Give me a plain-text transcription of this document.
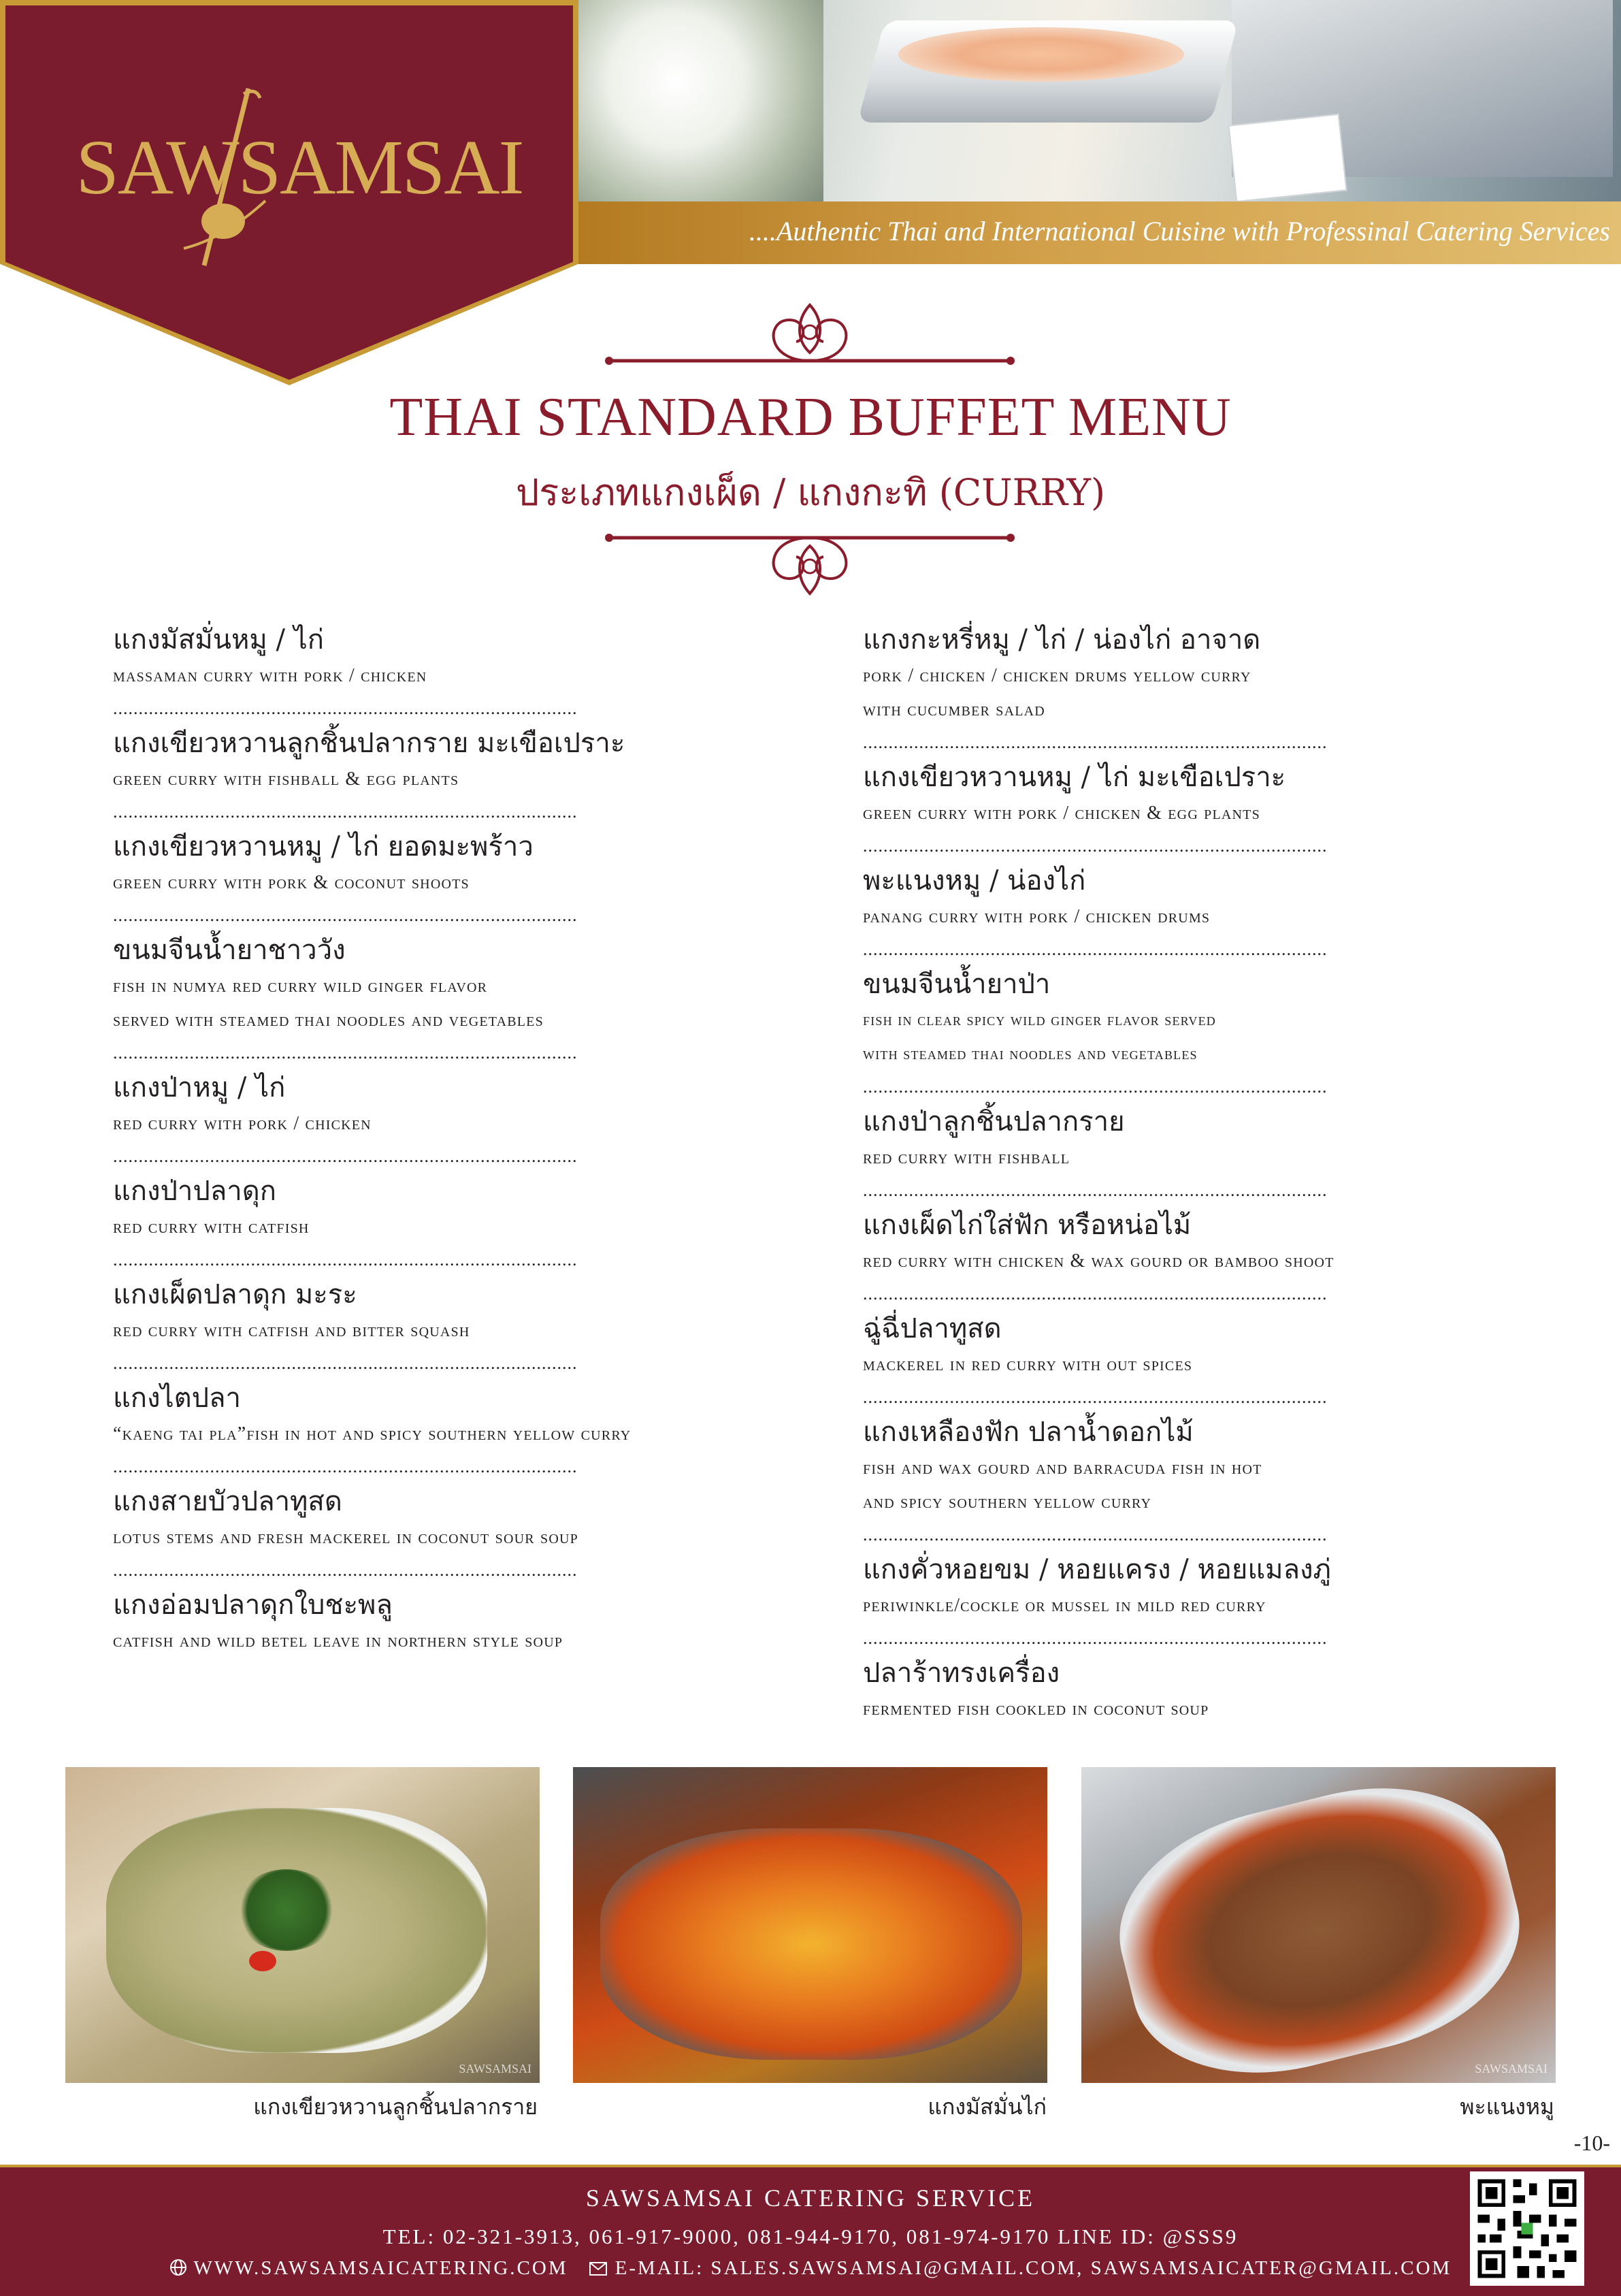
SAWSAMSAI
....Authentic Thai and International Cuisine with Professinal Catering Services
THAI STANDARD BUFFET MENU
ประเภทแกงเผ็ด / แกงกะทิ (CURRY)
แกงมัสมั่นหมู / ไก่
massaman curry with pork / chicken
...........................................................................................
แกงเขียวหวานลูกชิ้นปลากราย มะเขือเปราะ
green curry with fishball & egg plants
...........................................................................................
แกงเขียวหวานหมู / ไก่ ยอดมะพร้าว
green curry with pork & coconut shoots
...........................................................................................
ขนมจีนน้ำยาชาววัง
fish in numya red curry wild ginger flavor
served with steamed thai noodles and vegetables
...........................................................................................
แกงป่าหมู / ไก่
red curry with pork / chicken
...........................................................................................
แกงป่าปลาดุก
red curry with catfish
...........................................................................................
แกงเผ็ดปลาดุก มะระ
red curry with catfish and bitter squash
...........................................................................................
แกงไตปลา
“kaeng tai pla”fish in hot and spicy southern yellow curry
...........................................................................................
แกงสายบัวปลาทูสด
lotus stems and fresh mackerel in coconut sour soup
...........................................................................................
แกงอ่อมปลาดุกใบชะพลู
catfish and wild betel leave in northern style soup
แกงกะหรี่หมู / ไก่ / น่องไก่ อาจาด
pork / chicken / chicken drums yellow curry
with cucumber salad
...........................................................................................
แกงเขียวหวานหมู / ไก่ มะเขือเปราะ
green curry with pork / chicken & egg plants
...........................................................................................
พะแนงหมู / น่องไก่
panang curry with pork / chicken drums
...........................................................................................
ขนมจีนน้ำยาป่า
fish in clear spicy wild ginger flavor served
with steamed thai noodles and vegetables
...........................................................................................
แกงป่าลูกชิ้นปลากราย
red curry with fishball
...........................................................................................
แกงเผ็ดไก่ใส่ฟัก หรือหน่อไม้
red curry with chicken & wax gourd or bamboo shoot
...........................................................................................
ฉู่ฉี่ปลาทูสด
mackerel in red curry with out spices
...........................................................................................
แกงเหลืองฟัก ปลาน้ำดอกไม้
fish and wax gourd and barracuda fish in hot
and spicy southern yellow curry
...........................................................................................
แกงคั่วหอยขม / หอยแครง / หอยแมลงภู่
periwinkle/cockle or mussel in mild red curry
...........................................................................................
ปลาร้าทรงเครื่อง
fermented fish cookled in coconut soup
SAWSAMSAI	SAWSAMSAI
แกงเขียวหวานลูกชิ้นปลากราย	แกงมัสมั่นไก่	พะแนงหมู
-10-
SAWSAMSAI CATERING SERVICE
TEL: 02-321-3913, 061-917-9000, 081-944-9170, 081-974-9170 LINE ID: @SSS9
WWW.SAWSAMSAICATERING.COM E-MAIL: SALES.SAWSAMSAI@GMAIL.COM, SAWSAMSAICATER@GMAIL.COM
